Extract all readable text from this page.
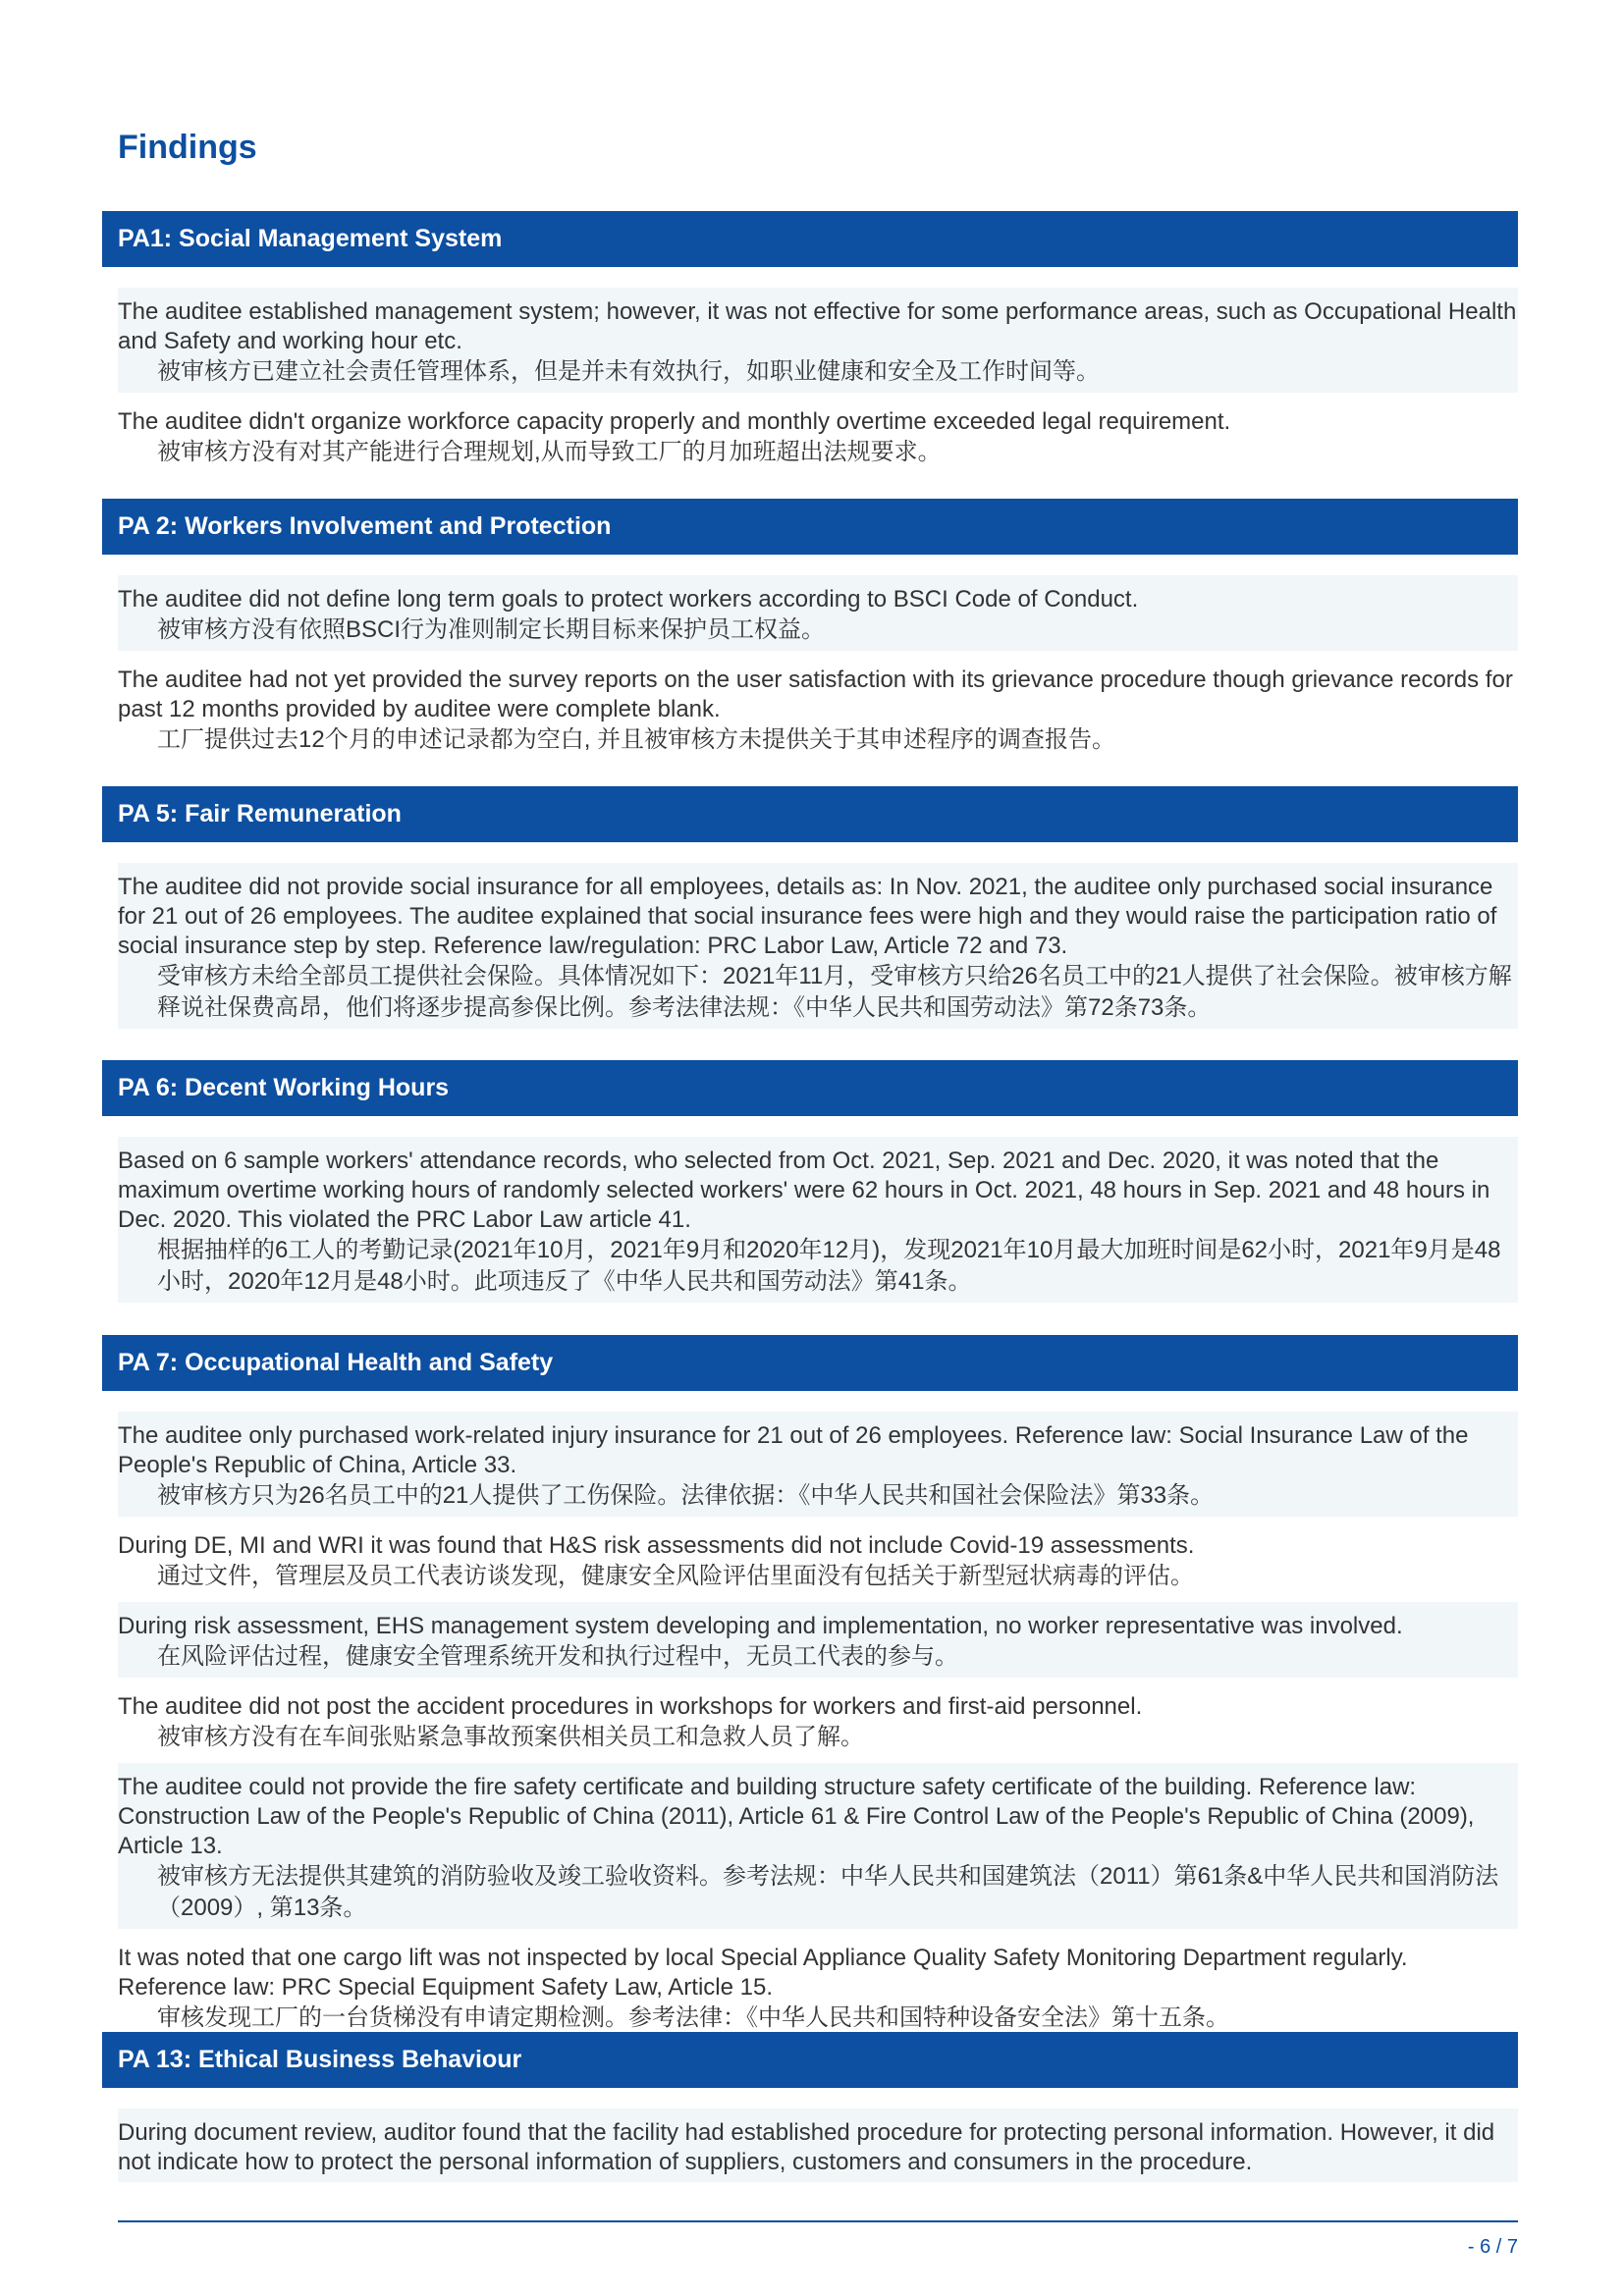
Findings
PA1: Social Management System
The auditee established management system; however, it was not effective for some performance areas, such as Occupational Health and Safety and working hour etc.
被审核方已建立社会责任管理体系，但是并未有效执行，如职业健康和安全及工作时间等。
The auditee didn't organize workforce capacity properly and monthly overtime exceeded legal requirement.
被审核方没有对其产能进行合理规划,从而导致工厂的月加班超出法规要求。
PA 2: Workers Involvement and Protection
The auditee did not define long term goals to protect workers according to BSCI Code of Conduct.
被审核方没有依照BSCI行为准则制定长期目标来保护员工权益。
The auditee had not yet provided the survey reports on the user satisfaction with its grievance procedure though grievance records for past 12 months provided by auditee were complete blank.
工厂提供过去12个月的申述记录都为空白, 并且被审核方未提供关于其申述程序的调查报告。
PA 5: Fair Remuneration
The auditee did not provide social insurance for all employees, details as: In Nov. 2021, the auditee only purchased social insurance for 21 out of 26 employees. The auditee explained that social insurance fees were high and they would raise the participation ratio of social insurance step by step. Reference law/regulation: PRC Labor Law, Article 72 and 73.
受审核方未给全部员工提供社会保险。具体情况如下：2021年11月，受审核方只给26名员工中的21人提供了社会保险。被审核方解释说社保费高昂，他们将逐步提高参保比例。参考法律法规：《中华人民共和国劳动法》第72条73条。
PA 6: Decent Working Hours
Based on 6 sample workers' attendance records, who selected from Oct. 2021, Sep. 2021 and Dec. 2020, it was noted that the maximum overtime working hours of randomly selected workers' were 62 hours in Oct. 2021, 48 hours in Sep. 2021 and 48 hours in Dec. 2020. This violated the PRC Labor Law article 41.
根据抽样的6工人的考勤记录(2021年10月，2021年9月和2020年12月)，发现2021年10月最大加班时间是62小时，2021年9月是48小时，2020年12月是48小时。此项违反了《中华人民共和国劳动法》第41条。
PA 7: Occupational Health and Safety
The auditee only purchased work-related injury insurance for 21 out of 26 employees. Reference law: Social Insurance Law of the People's Republic of China, Article 33.
被审核方只为26名员工中的21人提供了工伤保险。法律依据：《中华人民共和国社会保险法》第33条。
During DE, MI and WRI it was found that H&S risk assessments did not include Covid-19 assessments.
通过文件，管理层及员工代表访谈发现，健康安全风险评估里面没有包括关于新型冠状病毒的评估。
During risk assessment, EHS management system developing and implementation, no worker representative was involved.
在风险评估过程，健康安全管理系统开发和执行过程中，无员工代表的参与。
The auditee did not post the accident procedures in workshops for workers and first-aid personnel.
被审核方没有在车间张贴紧急事故预案供相关员工和急救人员了解。
The auditee could not provide the fire safety certificate and building structure safety certificate of the building. Reference law: Construction Law of the People's Republic of China (2011), Article 61 & Fire Control Law of the People's Republic of China (2009), Article 13.
被审核方无法提供其建筑的消防验收及竣工验收资料。参考法规：中华人民共和国建筑法（2011）第61条&中华人民共和国消防法（2009）, 第13条。
It was noted that one cargo lift was not inspected by local Special Appliance Quality Safety Monitoring Department regularly. Reference law: PRC Special Equipment Safety Law, Article 15.
审核发现工厂的一台货梯没有申请定期检测。参考法律：《中华人民共和国特种设备安全法》第十五条。
PA 13: Ethical Business Behaviour
During document review, auditor found that the facility had established procedure for protecting personal information. However, it did not indicate how to protect the personal information of suppliers, customers and consumers in the procedure.
- 6 / 7
